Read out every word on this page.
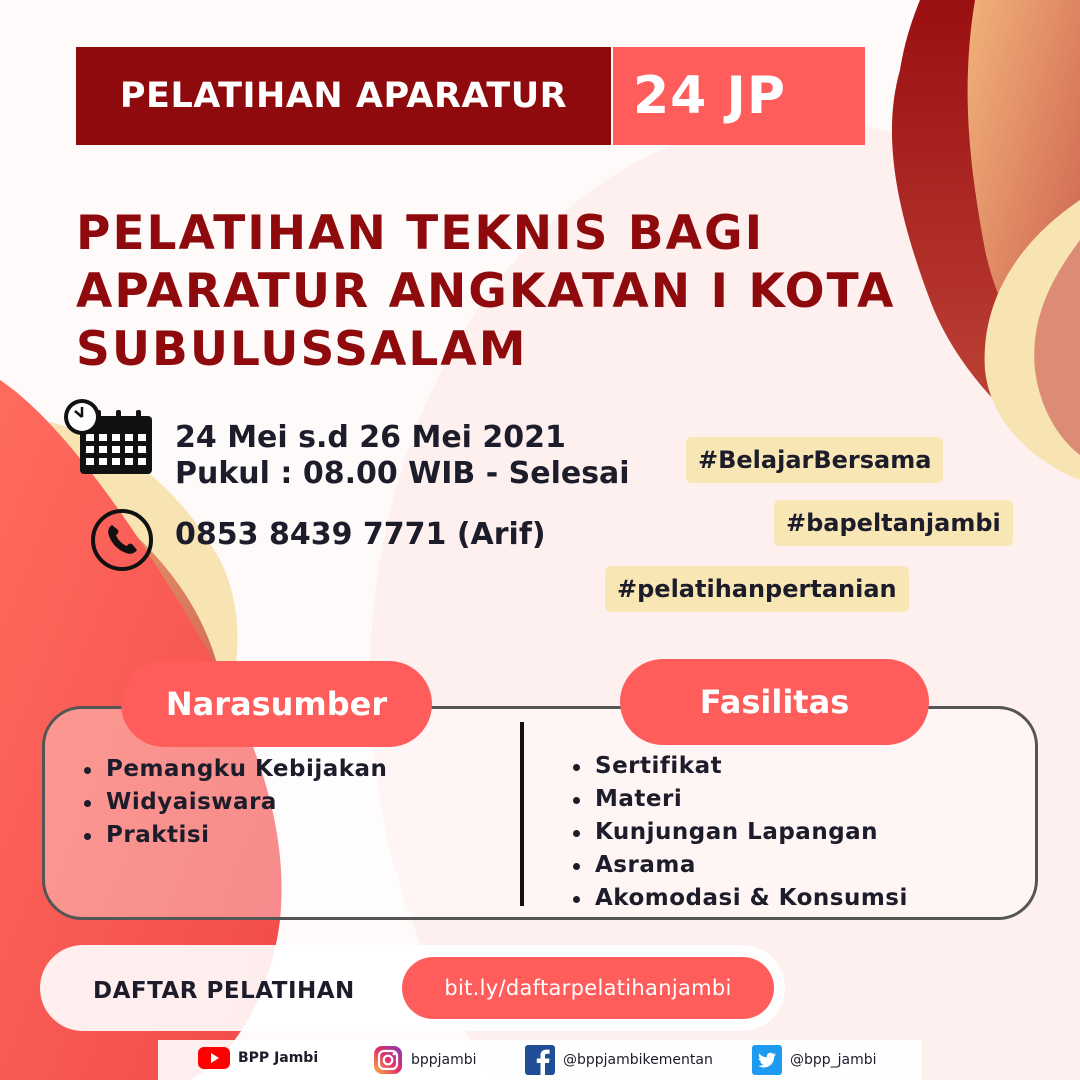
PELATIHAN APARATUR 24 JP
PELATIHAN TEKNIS BAGI
APARATUR ANGKATAN I KOTA
SUBULUSSALAM
24 Mei s.d 26 Mei 2021
Pukul : 08.00 WIB - Selesai
0853 8439 7771 (Arif)
#BelajarBersama
#bapeltanjambi
#pelatihanpertanian
Narasumber	Fasilitas
Pemangku Kebijakan
Widyaiswara
Praktisi
Sertifikat
Materi
Kunjungan Lapangan
Asrama
Akomodasi & Konsumsi
DAFTAR PELATIHAN	bit.ly/daftarpelatihanjambi
BPP Jambi	bppjambi	@bppjambikementan	@bpp_jambi
